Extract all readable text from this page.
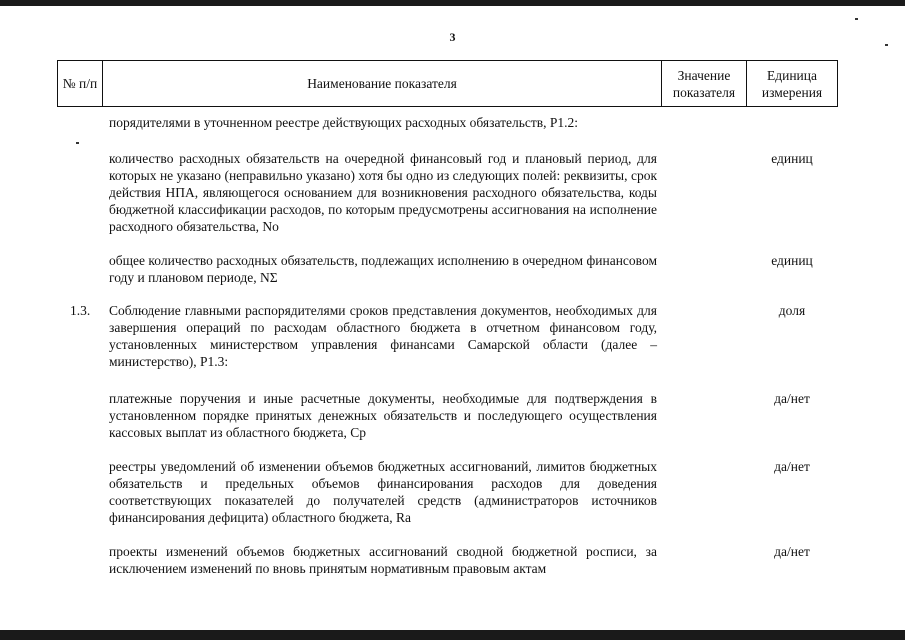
3
№ п/п	Наименование показателя
Значение показателя
Единица измерения
порядителями в уточненном реестре действующих расходных обязательств, Р1.2:
количество расходных обязательств на очередной финансовый год и плановый период, для которых не указано (неправильно указано) хотя бы одно из следующих полей: реквизиты, срок действия НПА, являющегося основанием для возникновения расходного обязательства, коды бюджетной классификации расходов, по которым предусмотрены ассигнования на исполнение расходного обязательства, Nо
единиц
общее количество расходных обязательств, подлежащих исполнению в очередном финансовом году и плановом периоде, NΣ
единиц
1.3. Соблюдение главными распорядителями сроков представления документов, необходимых для завершения операций по расходам областного бюджета в отчетном финансовом году, установленных министерством управления финансами Самарской области (далее – министерство), Р1.3:
доля
платежные поручения и иные расчетные документы, необходимые для подтверждения в установленном порядке принятых денежных обязательств и последующего осуществления кассовых выплат из областного бюджета, Ср
да/нет
реестры уведомлений об изменении объемов бюджетных ассигнований, лимитов бюджетных обязательств и предельных объемов финансирования расходов для доведения соответствующих показателей до получателей средств (администраторов источников финансирования дефицита) областного бюджета, Rа
да/нет
проекты изменений объемов бюджетных ассигнований сводной бюджетной росписи, за исключением изменений по вновь принятым нормативным правовым актам
да/нет
